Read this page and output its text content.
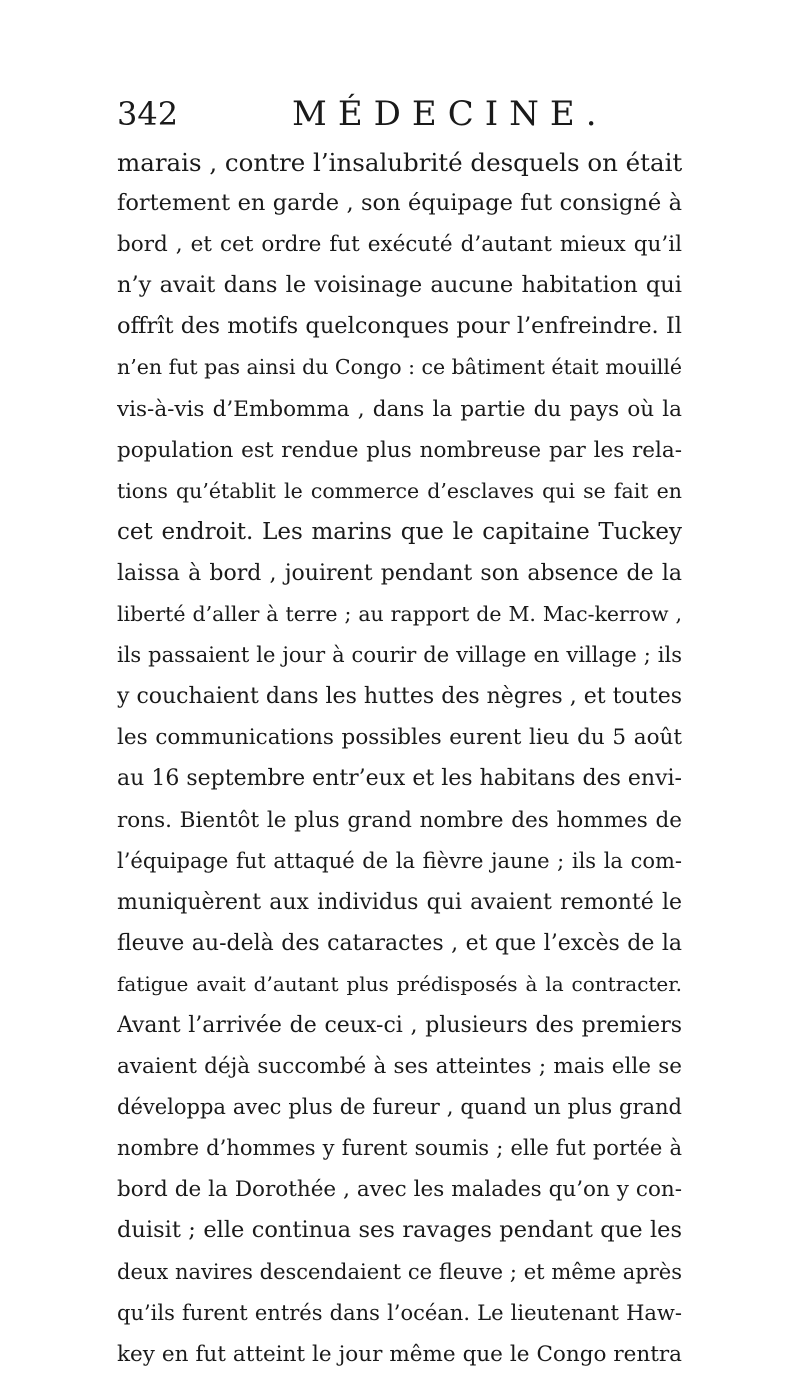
342	MÉDECINE.
marais , contre l’insalubrité desquels on était
fortement en garde , son équipage fut consigné à
bord , et cet ordre fut exécuté d’autant mieux qu’il
n’y avait dans le voisinage aucune habitation qui
offrît des motifs quelconques pour l’enfreindre. Il
n’en fut pas ainsi du Congo : ce bâtiment était mouillé
vis-à-vis d’Embomma , dans la partie du pays où la
population est rendue plus nombreuse par les rela-
tions qu’établit le commerce d’esclaves qui se fait en
cet endroit. Les marins que le capitaine Tuckey
laissa à bord , jouirent pendant son absence de la
liberté d’aller à terre ; au rapport de M. Mac-kerrow ,
ils passaient le jour à courir de village en village ; ils
y couchaient dans les huttes des nègres , et toutes
les communications possibles eurent lieu du 5 août
au 16 septembre entr’eux et les habitans des envi-
rons. Bientôt le plus grand nombre des hommes de
l’équipage fut attaqué de la fièvre jaune ; ils la com-
muniquèrent aux individus qui avaient remonté le
fleuve au-delà des cataractes , et que l’excès de la
fatigue avait d’autant plus prédisposés à la contracter.
Avant l’arrivée de ceux-ci , plusieurs des premiers
avaient déjà succombé à ses atteintes ; mais elle se
développa avec plus de fureur , quand un plus grand
nombre d’hommes y furent soumis ; elle fut portée à
bord de la Dorothée , avec les malades qu’on y con-
duisit ; elle continua ses ravages pendant que les
deux navires descendaient ce fleuve ; et même après
qu’ils furent entrés dans l’océan. Le lieutenant Haw-
key en fut atteint le jour même que le Congo rentra
